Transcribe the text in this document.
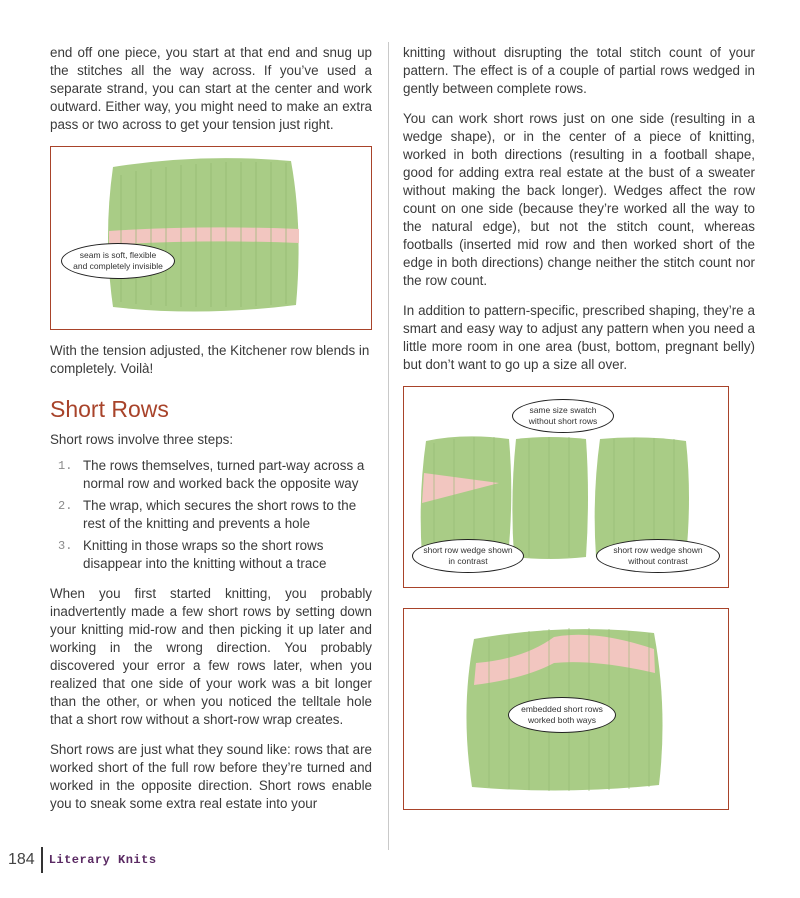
end off one piece, you start at that end and snug up the stitches all the way across. If you’ve used a separate strand, you can start at the center and work outward. Either way, you might need to make an extra pass or two across to get your tension just right.

seam is soft, flexible and completely invisible

With the tension adjusted, the Kitchener row blends in completely. Voilà!

Short Rows

Short rows involve three steps:

1. The rows themselves, turned part-way across a normal row and worked back the opposite way
2. The wrap, which secures the short rows to the rest of the knitting and prevents a hole
3. Knitting in those wraps so the short rows disappear into the knitting without a trace

When you first started knitting, you probably inadvertently made a few short rows by setting down your knitting mid-row and then picking it up later and working in the wrong direction. You probably discovered your error a few rows later, when you realized that one side of your work was a bit longer than the other, or when you noticed the telltale hole that a short row without a short-row wrap creates.

Short rows are just what they sound like: rows that are worked short of the full row before they’re turned and worked in the opposite direction. Short rows enable you to sneak some extra real estate into your

knitting without disrupting the total stitch count of your pattern. The effect is of a couple of partial rows wedged in gently between complete rows.

You can work short rows just on one side (resulting in a wedge shape), or in the center of a piece of knitting, worked in both directions (resulting in a football shape, good for adding extra real estate at the bust of a sweater without making the back longer). Wedges affect the row count on one side (because they’re worked all the way to the natural edge), but not the stitch count, whereas footballs (inserted mid row and then worked short of the edge in both directions) change neither the stitch count nor the row count.

In addition to pattern-specific, prescribed shaping, they’re a smart and easy way to adjust any pattern when you need a little more room in one area (bust, bottom, pregnant belly) but don’t want to go up a size all over.

same size swatch without short rows
short row wedge shown in contrast
short row wedge shown without contrast
embedded short rows worked both ways
184 Literary Knits
